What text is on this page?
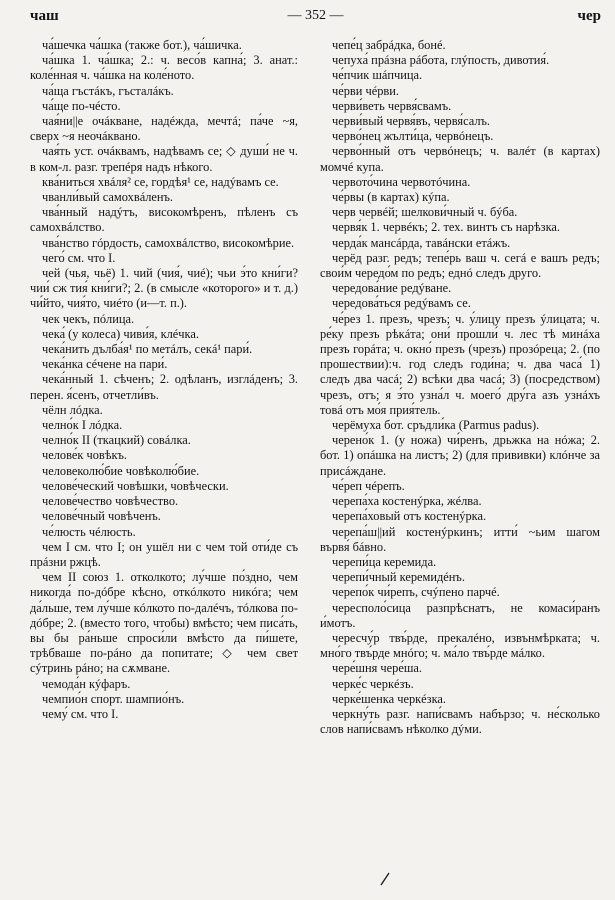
чаш	— 352 —	чер

ча́шечка ча́шка (также бот.), ча́шичка.

ча́шка 1. ча́шка; 2.: ч. весо́в капна́; 3. анат.: коле́нная ч. ча́шка на коле́ното.

ча́ща гъстáкъ, гъсталáкъ.

ча́ще по-чéсто.

чая́ни||е очáкване, надéжда, мечтá; па́че ~я, сверх ~я неочáквано.

чая́ть уст. очáквамъ, надѣвамъ се; ◇ души́ не ч. в ком-л. разг. трепéря надъ нѣкого.

ква́ниться хвáля² се, гордѣя¹ се, надýвамъ се.

чванли́вый самохвáленъ.

чва́нный надýтъ, високомѣренъ, пѣленъ съ самохвáлство.

чва́нство гóрдость, самохвáлство, високомѣрие.

чего́ см. что I.

чей (чья, чьё) 1. чий (чия́, чиé); чьи э́то кни́ги? чии́ сж тия́ кни́ги?; 2. (в смысле «которого» и т. д.) чи́йто, чия́то, чиéто (и—т. п.).

чек чекъ, пóлица.

чека́ (у колеса) чиви́я, клéчка.

чека́нить дълба́я¹ по метáлъ, секá¹ пари́.

чека́нка сéчене на пари́.

чека́нный 1. сѣченъ; 2. одѣланъ, изглáденъ; 3. перен. я́сенъ, отчетли́въ.

чёлн лóдка.

челно́к I лóдка.

челно́к II (ткацкий) совáлка.

челове́к човѣкъ.

человеколю́бие човѣколю́бие.

челове́ческий човѣшки, човѣчески.

челове́чество човѣчество.

челове́чный човѣченъ.

че́люсть чéлюсть.

чем I см. что I; он ушёл ни с чем той оти́де съ прáзни ржцѣ.

чем II союз 1. отколкото; лу́чше по́здно, чем никогда́ по-дóбре кѣсно, откóлкото никóга; чем да́льше, тем лу́чше кóлкото по-далéчъ, тóлкова по-дóбре; 2. (вместо того, чтобы) вмѣсто; чем писа́ть, вы бы ра́ньше спроси́ли вмѣсто да пи́шете, трѣбваше по-рáно да попитате; ◇ чем свет сýтринь рáно; на сѫмване.

чемода́н кýфаръ.

чемпио́н спорт. шампио́нъ.

чему́ см. что I.

чепе́ц забрáдка, бонé.

чепуха́ прáзна рáбота, глýпость, дивотия́.

че́пчик шáпчица.

че́рви чéрви.

черви́веть червя́свамъ.

черви́вый червя́въ, червя́салъ.

черво́нец жълти́ца, червóнецъ.

черво́нный отъ червóнецъ; ч. валéт (в картах) момчé купа.

червото́чина червотóчина.

че́рвы (в картах) кýпа.

черв червéй; шелкови́чный ч. бýба.

червя́к 1. червéкъ; 2. тех. винтъ съ нарѣзка.

черда́к мансáрда, тавáнски етáжъ.

черёд разг. редъ; тепе́рь ваш ч. сегá е вашъ редъ; свои́м чередо́м по редъ; еднó следъ друго.

чередова́ние редýване.

чередова́ться редýвамъ се.

че́рез 1. презъ, чрезъ; ч. у́лицу презъ ýлицата; ч. ре́ку презъ рѣкáта; они́ прошли́ ч. лес тѣ минáха презъ горáта; ч. окно́ презъ (чрезъ) прозóреца; 2. (по прошествии):ч. год следъ годи́на; ч. два часа́ 1) следъ два часá; 2) всѣки два часá; 3) (посредством) чрезъ, отъ; я э́то узна́л ч. моего́ дру́га азъ узнáхъ товá отъ мо́я прия́тель.

черёмуха бот. сръдли́ка (Parmus padus).

черено́к 1. (у ножа) чи́ренъ, дрьжка на нóжа; 2. бот. 1) опáшка на листъ; 2) (для прививки) клóнче за присáждане.

че́реп чéрепъ.

черепа́ха костенýрка, жéлва.

черепа́ховый отъ костенýрка.

черепа́ш||ий костенýркинъ; итти́ ~ьим шагом вървя́ бáвно.

черепи́ца керемида.

черепи́чный керемидéнъ.

черепо́к чи́репъ, счýпено парчé.

чересполо́сица разпрѣснатъ, не комаси́ранъ и́мотъ.

чересчу́р твъ́рде, прекалéно, извънмѣрката; ч. мно́го твъ́рде мнóго; ч. ма́ло твъ́рде мáлко.

чере́шня чере́ша.

черке́с черкéзъ.

черке́шенка черкéзка.

черкну́ть разг. напи́свамъ набързо; ч. не́сколько слов напи́свамъ нѣколко дýми.
